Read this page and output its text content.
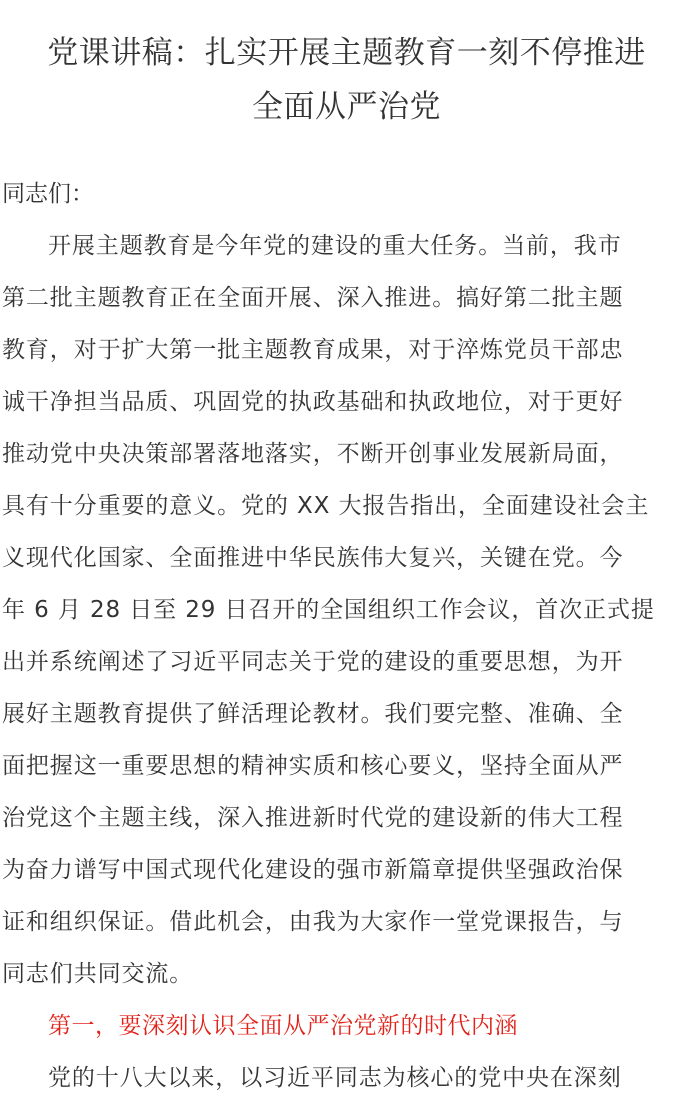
党课讲稿：扎实开展主题教育一刻不停推进
全面从严治党

同志们：

开展主题教育是今年党的建设的重大任务。当前，我市
第二批主题教育正在全面开展、深入推进。搞好第二批主题
教育，对于扩大第一批主题教育成果，对于淬炼党员干部忠
诚干净担当品质、巩固党的执政基础和执政地位，对于更好
推动党中央决策部署落地落实，不断开创事业发展新局面，
具有十分重要的意义。党的 XX 大报告指出，全面建设社会主
义现代化国家、全面推进中华民族伟大复兴，关键在党。今
年 6 月 28 日至 29 日召开的全国组织工作会议，首次正式提
出并系统阐述了习近平同志关于党的建设的重要思想，为开
展好主题教育提供了鲜活理论教材。我们要完整、准确、全
面把握这一重要思想的精神实质和核心要义，坚持全面从严
治党这个主题主线，深入推进新时代党的建设新的伟大工程
为奋力谱写中国式现代化建设的强市新篇章提供坚强政治保
证和组织保证。借此机会，由我为大家作一堂党课报告，与
同志们共同交流。

第一，要深刻认识全面从严治党新的时代内涵

党的十八大以来，以习近平同志为核心的党中央在深刻
